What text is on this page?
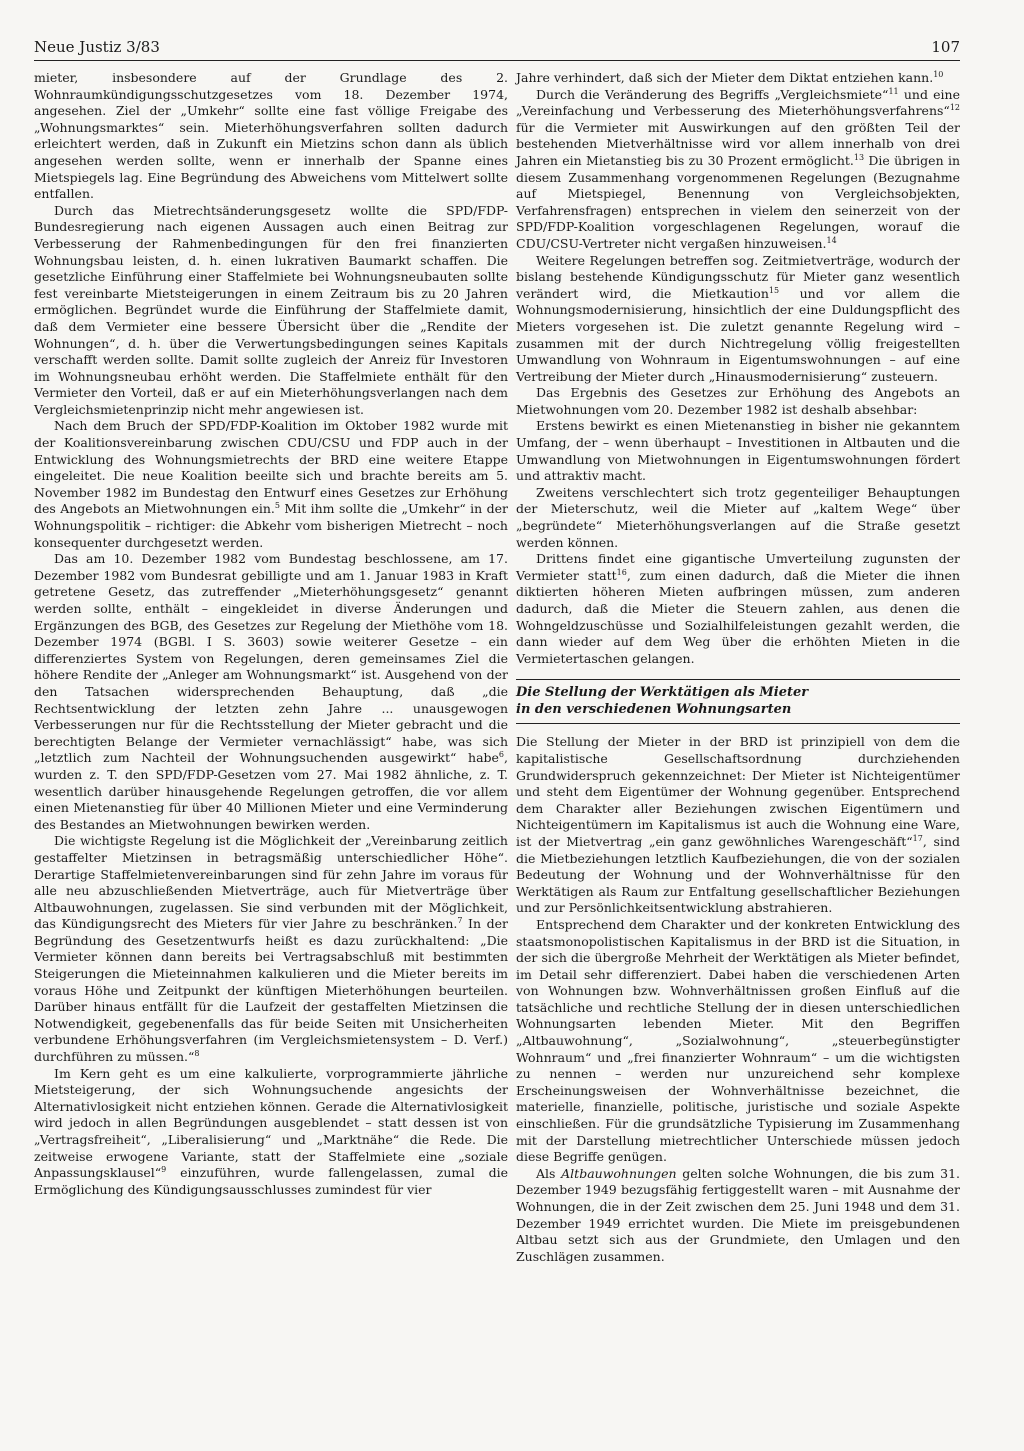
Neue Justiz 3/83	107

mieter, insbesondere auf der Grundlage des 2. Wohnraumkündigungsschutzgesetzes vom 18. Dezember 1974, angesehen. Ziel der „Umkehr“ sollte eine fast völlige Freigabe des „Wohnungsmarktes“ sein. Mieterhöhungsverfahren sollten dadurch erleichtert werden, daß in Zukunft ein Mietzins schon dann als üblich angesehen werden sollte, wenn er innerhalb der Spanne eines Mietspiegels lag. Eine Begründung des Abweichens vom Mittelwert sollte entfallen.

Durch das Mietrechtsänderungsgesetz wollte die SPD/FDP-Bundesregierung nach eigenen Aussagen auch einen Beitrag zur Verbesserung der Rahmenbedingungen für den frei finanzierten Wohnungsbau leisten, d. h. einen lukrativen Baumarkt schaffen. Die gesetzliche Einführung einer Staffelmiete bei Wohnungsneubauten sollte fest vereinbarte Mietsteigerungen in einem Zeitraum bis zu 20 Jahren ermöglichen. Begründet wurde die Einführung der Staffelmiete damit, daß dem Vermieter eine bessere Übersicht über die „Rendite der Wohnungen“, d. h. über die Verwertungsbedingungen seines Kapitals verschafft werden sollte. Damit sollte zugleich der Anreiz für Investoren im Wohnungsneubau erhöht werden. Die Staffelmiete enthält für den Vermieter den Vorteil, daß er auf ein Mieterhöhungsverlangen nach dem Vergleichsmietenprinzip nicht mehr angewiesen ist.

Nach dem Bruch der SPD/FDP-Koalition im Oktober 1982 wurde mit der Koalitionsvereinbarung zwischen CDU/CSU und FDP auch in der Entwicklung des Wohnungsmietrechts der BRD eine weitere Etappe eingeleitet. Die neue Koalition beeilte sich und brachte bereits am 5. November 1982 im Bundestag den Entwurf eines Gesetzes zur Erhöhung des Angebots an Mietwohnungen ein.$^5$ Mit ihm sollte die „Umkehr“ in der Wohnungspolitik – richtiger: die Abkehr vom bisherigen Mietrecht – noch konsequenter durchgesetzt werden.

Das am 10. Dezember 1982 vom Bundestag beschlossene, am 17. Dezember 1982 vom Bundesrat gebilligte und am 1. Januar 1983 in Kraft getretene Gesetz, das zutreffender „Mieterhöhungsgesetz“ genannt werden sollte, enthält – eingekleidet in diverse Änderungen und Ergänzungen des BGB, des Gesetzes zur Regelung der Miethöhe vom 18. Dezember 1974 (BGBl. I S. 3603) sowie weiterer Gesetze – ein differenziertes System von Regelungen, deren gemeinsames Ziel die höhere Rendite der „Anleger am Wohnungsmarkt“ ist. Ausgehend von der den Tatsachen widersprechenden Behauptung, daß „die Rechtsentwicklung der letzten zehn Jahre ... unausgewogen Verbesserungen nur für die Rechtsstellung der Mieter gebracht und die berechtigten Belange der Vermieter vernachlässigt“ habe, was sich „letztlich zum Nachteil der Wohnungsuchenden ausgewirkt“ habe$^6$, wurden z. T. den SPD/FDP-Gesetzen vom 27. Mai 1982 ähnliche, z. T. wesentlich darüber hinausgehende Regelungen getroffen, die vor allem einen Mietenanstieg für über 40 Millionen Mieter und eine Verminderung des Bestandes an Mietwohnungen bewirken werden.

Die wichtigste Regelung ist die Möglichkeit der „Vereinbarung zeitlich gestaffelter Mietzinsen in betragsmäßig unterschiedlicher Höhe“. Derartige Staffelmietenvereinbarungen sind für zehn Jahre im voraus für alle neu abzuschließenden Mietverträge, auch für Mietverträge über Altbauwohnungen, zugelassen. Sie sind verbunden mit der Möglichkeit, das Kündigungsrecht des Mieters für vier Jahre zu beschränken.$^7$ In der Begründung des Gesetzentwurfs heißt es dazu zurückhaltend: „Die Vermieter können dann bereits bei Vertragsabschluß mit bestimmten Steigerungen die Mieteinnahmen kalkulieren und die Mieter bereits im voraus Höhe und Zeitpunkt der künftigen Mieterhöhungen beurteilen. Darüber hinaus entfällt für die Laufzeit der gestaffelten Mietzinsen die Notwendigkeit, gegebenenfalls das für beide Seiten mit Unsicherheiten verbundene Erhöhungsverfahren (im Vergleichsmietensystem – D. Verf.) durchführen zu müssen.“$^8$

Im Kern geht es um eine kalkulierte, vorprogrammierte jährliche Mietsteigerung, der sich Wohnungsuchende angesichts der Alternativlosigkeit nicht entziehen können. Gerade die Alternativlosigkeit wird jedoch in allen Begründungen ausgeblendet – statt dessen ist von „Vertragsfreiheit“, „Liberalisierung“ und „Marktnähe“ die Rede. Die zeitweise erwogene Variante, statt der Staffelmiete eine „soziale Anpassungsklausel“$^9$ einzuführen, wurde fallengelassen, zumal die Ermöglichung des Kündigungsausschlusses zumindest für vier

Jahre verhindert, daß sich der Mieter dem Diktat entziehen kann.$^{10}$

Durch die Veränderung des Begriffs „Vergleichsmiete“$^{11}$ und eine „Vereinfachung und Verbesserung des Mieterhöhungsverfahrens“$^{12}$ für die Vermieter mit Auswirkungen auf den größten Teil der bestehenden Mietverhältnisse wird vor allem innerhalb von drei Jahren ein Mietanstieg bis zu 30 Prozent ermöglicht.$^{13}$ Die übrigen in diesem Zusammenhang vorgenommenen Regelungen (Bezugnahme auf Mietspiegel, Benennung von Vergleichsobjekten, Verfahrensfragen) entsprechen in vielem den seinerzeit von der SPD/FDP-Koalition vorgeschlagenen Regelungen, worauf die CDU/CSU-Vertreter nicht vergaßen hinzuweisen.$^{14}$

Weitere Regelungen betreffen sog. Zeitmietverträge, wodurch der bislang bestehende Kündigungsschutz für Mieter ganz wesentlich verändert wird, die Mietkaution$^{15}$ und vor allem die Wohnungsmodernisierung, hinsichtlich der eine Duldungspflicht des Mieters vorgesehen ist. Die zuletzt genannte Regelung wird – zusammen mit der durch Nichtregelung völlig freigestellten Umwandlung von Wohnraum in Eigentumswohnungen – auf eine Vertreibung der Mieter durch „Hinausmodernisierung“ zusteuern.

Das Ergebnis des Gesetzes zur Erhöhung des Angebots an Mietwohnungen vom 20. Dezember 1982 ist deshalb absehbar:

Erstens bewirkt es einen Mietenanstieg in bisher nie gekanntem Umfang, der – wenn überhaupt – Investitionen in Altbauten und die Umwandlung von Mietwohnungen in Eigentumswohnungen fördert und attraktiv macht.

Zweitens verschlechtert sich trotz gegenteiliger Behauptungen der Mieterschutz, weil die Mieter auf „kaltem Wege“ über „begründete“ Mieterhöhungsverlangen auf die Straße gesetzt werden können.

Drittens findet eine gigantische Umverteilung zugunsten der Vermieter statt$^{16}$, zum einen dadurch, daß die Mieter die ihnen diktierten höheren Mieten aufbringen müssen, zum anderen dadurch, daß die Mieter die Steuern zahlen, aus denen die Wohngeldzuschüsse und Sozialhilfeleistungen gezahlt werden, die dann wieder auf dem Weg über die erhöhten Mieten in die Vermietertaschen gelangen.

Die Stellung der Werktätigen als Mieter
in den verschiedenen Wohnungsarten

Die Stellung der Mieter in der BRD ist prinzipiell von dem die kapitalistische Gesellschaftsordnung durchziehenden Grundwiderspruch gekennzeichnet: Der Mieter ist Nichteigentümer und steht dem Eigentümer der Wohnung gegenüber. Entsprechend dem Charakter aller Beziehungen zwischen Eigentümern und Nichteigentümern im Kapitalismus ist auch die Wohnung eine Ware, ist der Mietvertrag „ein ganz gewöhnliches Warengeschäft“$^{17}$, sind die Mietbeziehungen letztlich Kaufbeziehungen, die von der sozialen Bedeutung der Wohnung und der Wohnverhältnisse für den Werktätigen als Raum zur Entfaltung gesellschaftlicher Beziehungen und zur Persönlichkeitsentwicklung abstrahieren.

Entsprechend dem Charakter und der konkreten Entwicklung des staatsmonopolistischen Kapitalismus in der BRD ist die Situation, in der sich die übergroße Mehrheit der Werktätigen als Mieter befindet, im Detail sehr differenziert. Dabei haben die verschiedenen Arten von Wohnungen bzw. Wohnverhältnissen großen Einfluß auf die tatsächliche und rechtliche Stellung der in diesen unterschiedlichen Wohnungsarten lebenden Mieter. Mit den Begriffen „Altbauwohnung“, „Sozialwohnung“, „steuerbegünstigter Wohnraum“ und „frei finanzierter Wohnraum“ – um die wichtigsten zu nennen – werden nur unzureichend sehr komplexe Erscheinungsweisen der Wohnverhältnisse bezeichnet, die materielle, finanzielle, politische, juristische und soziale Aspekte einschließen. Für die grundsätzliche Typisierung im Zusammenhang mit der Darstellung mietrechtlicher Unterschiede müssen jedoch diese Begriffe genügen.

Als Altbauwohnungen gelten solche Wohnungen, die bis zum 31. Dezember 1949 bezugsfähig fertiggestellt waren – mit Ausnahme der Wohnungen, die in der Zeit zwischen dem 25. Juni 1948 und dem 31. Dezember 1949 errichtet wurden. Die Miete im preisgebundenen Altbau setzt sich aus der Grundmiete, den Umlagen und den Zuschlägen zusammen.
